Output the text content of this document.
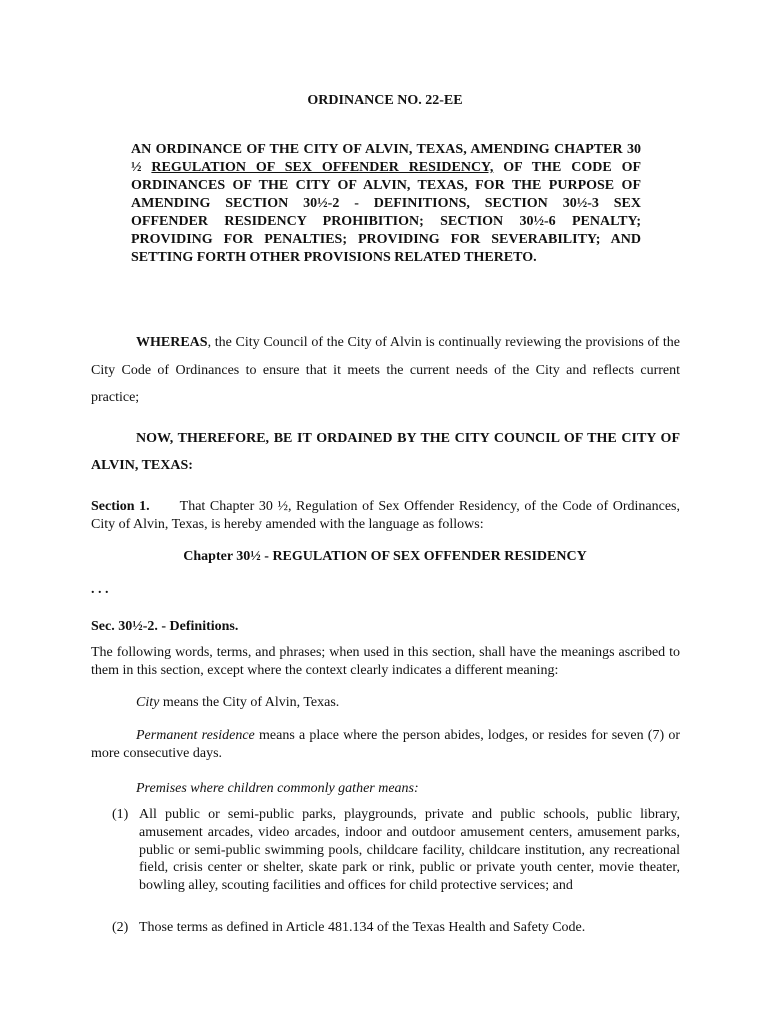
ORDINANCE NO. 22-EE
AN ORDINANCE OF THE CITY OF ALVIN, TEXAS, AMENDING CHAPTER 30 ½ REGULATION OF SEX OFFENDER RESIDENCY, OF THE CODE OF ORDINANCES OF THE CITY OF ALVIN, TEXAS, FOR THE PURPOSE OF AMENDING SECTION 30½-2 - DEFINITIONS, SECTION 30½-3 SEX OFFENDER RESIDENCY PROHIBITION; SECTION 30½-6 PENALTY; PROVIDING FOR PENALTIES; PROVIDING FOR SEVERABILITY; AND SETTING FORTH OTHER PROVISIONS RELATED THERETO.
WHEREAS, the City Council of the City of Alvin is continually reviewing the provisions of the City Code of Ordinances to ensure that it meets the current needs of the City and reflects current practice;
NOW, THEREFORE, BE IT ORDAINED BY THE CITY COUNCIL OF THE CITY OF ALVIN, TEXAS:
Section 1. That Chapter 30 ½, Regulation of Sex Offender Residency, of the Code of Ordinances, City of Alvin, Texas, is hereby amended with the language as follows:
Chapter 30½ - REGULATION OF SEX OFFENDER RESIDENCY
. . .
Sec. 30½-2. - Definitions.
The following words, terms, and phrases; when used in this section, shall have the meanings ascribed to them in this section, except where the context clearly indicates a different meaning:
City means the City of Alvin, Texas.
Permanent residence means a place where the person abides, lodges, or resides for seven (7) or more consecutive days.
Premises where children commonly gather means:
(1) All public or semi-public parks, playgrounds, private and public schools, public library, amusement arcades, video arcades, indoor and outdoor amusement centers, amusement parks, public or semi-public swimming pools, childcare facility, childcare institution, any recreational field, crisis center or shelter, skate park or rink, public or private youth center, movie theater, bowling alley, scouting facilities and offices for child protective services; and
(2) Those terms as defined in Article 481.134 of the Texas Health and Safety Code.
